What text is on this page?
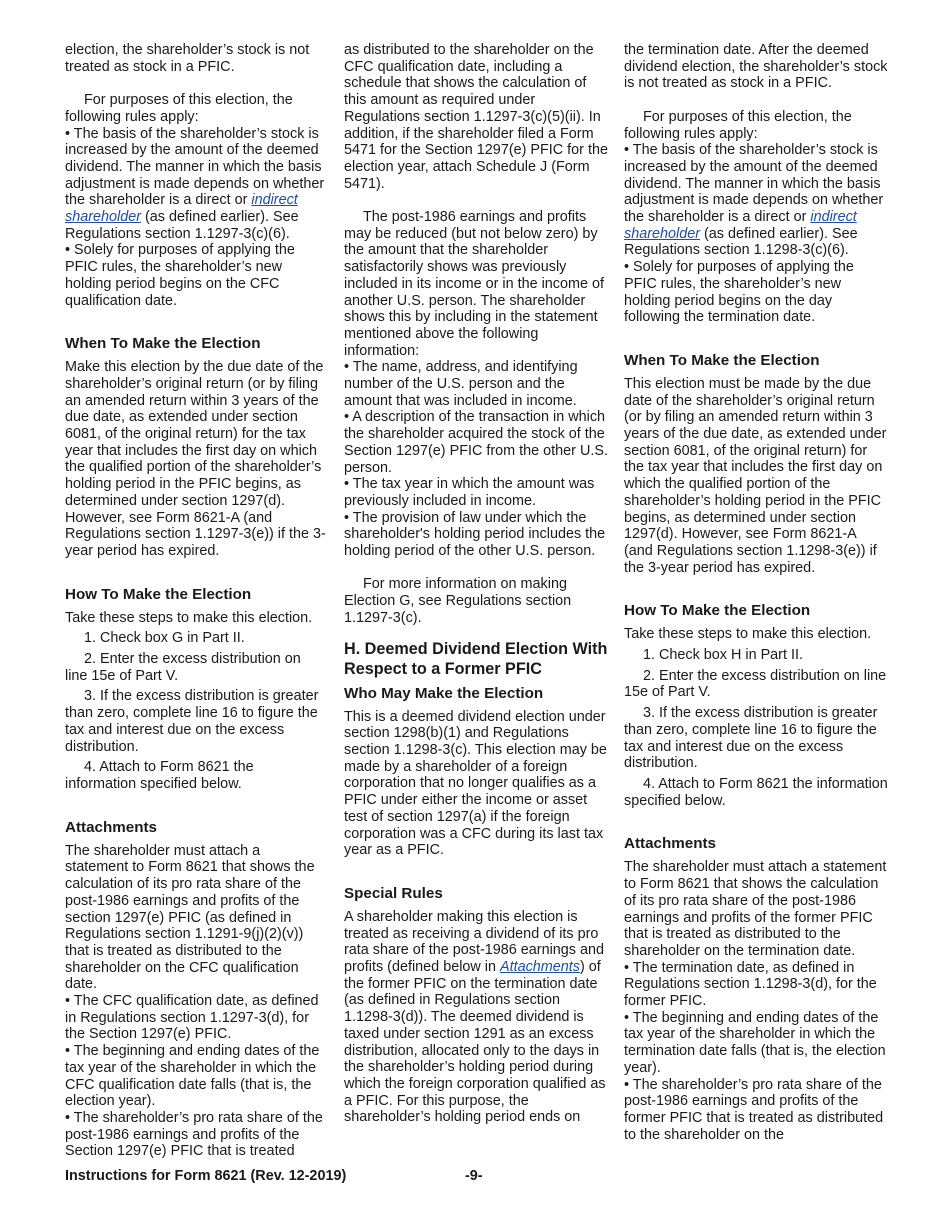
election, the shareholder’s stock is not treated as stock in a PFIC.

For purposes of this election, the following rules apply:

• The basis of the shareholder’s stock is increased by the amount of the deemed dividend. The manner in which the basis adjustment is made depends on whether the shareholder is a direct or indirect shareholder (as defined earlier). See Regulations section 1.1297-3(c)(6).

• Solely for purposes of applying the PFIC rules, the shareholder’s new holding period begins on the CFC qualification date.

When To Make the Election

Make this election by the due date of the shareholder’s original return (or by filing an amended return within 3 years of the due date, as extended under section 6081, of the original return) for the tax year that includes the first day on which the qualified portion of the shareholder’s holding period in the PFIC begins, as determined under section 1297(d). However, see Form 8621-A (and Regulations section 1.1297-3(e)) if the 3-year period has expired.

How To Make the Election

Take these steps to make this election.

1. Check box G in Part II.

2. Enter the excess distribution on line 15e of Part V.

3. If the excess distribution is greater than zero, complete line 16 to figure the tax and interest due on the excess distribution.

4. Attach to Form 8621 the information specified below.

Attachments

The shareholder must attach a statement to Form 8621 that shows the calculation of its pro rata share of the post-1986 earnings and profits of the section 1297(e) PFIC (as defined in Regulations section 1.1291-9(j)(2)(v)) that is treated as distributed to the shareholder on the CFC qualification date.

• The CFC qualification date, as defined in Regulations section 1.1297-3(d), for the Section 1297(e) PFIC.

• The beginning and ending dates of the tax year of the shareholder in which the CFC qualification date falls (that is, the election year).

• The shareholder’s pro rata share of the post-1986 earnings and profits of the Section 1297(e) PFIC that is treated

as distributed to the shareholder on the CFC qualification date, including a schedule that shows the calculation of this amount as required under Regulations section 1.1297-3(c)(5)(ii). In addition, if the shareholder filed a Form 5471 for the Section 1297(e) PFIC for the election year, attach Schedule J (Form 5471).

The post-1986 earnings and profits may be reduced (but not below zero) by the amount that the shareholder satisfactorily shows was previously included in its income or in the income of another U.S. person. The shareholder shows this by including in the statement mentioned above the following information:

• The name, address, and identifying number of the U.S. person and the amount that was included in income.

• A description of the transaction in which the shareholder acquired the stock of the Section 1297(e) PFIC from the other U.S. person.

• The tax year in which the amount was previously included in income.

• The provision of law under which the shareholder's holding period includes the holding period of the other U.S. person.

For more information on making Election G, see Regulations section 1.1297-3(c).

H. Deemed Dividend Election With Respect to a Former PFIC

Who May Make the Election

This is a deemed dividend election under section 1298(b)(1) and Regulations section 1.1298-3(c). This election may be made by a shareholder of a foreign corporation that no longer qualifies as a PFIC under either the income or asset test of section 1297(a) if the foreign corporation was a CFC during its last tax year as a PFIC.

Special Rules

A shareholder making this election is treated as receiving a dividend of its pro rata share of the post-1986 earnings and profits (defined below in Attachments) of the former PFIC on the termination date (as defined in Regulations section 1.1298-3(d)). The deemed dividend is taxed under section 1291 as an excess distribution, allocated only to the days in the shareholder’s holding period during which the foreign corporation qualified as a PFIC. For this purpose, the shareholder’s holding period ends on

the termination date. After the deemed dividend election, the shareholder’s stock is not treated as stock in a PFIC.

For purposes of this election, the following rules apply:

• The basis of the shareholder’s stock is increased by the amount of the deemed dividend. The manner in which the basis adjustment is made depends on whether the shareholder is a direct or indirect shareholder (as defined earlier). See Regulations section 1.1298-3(c)(6).

• Solely for purposes of applying the PFIC rules, the shareholder’s new holding period begins on the day following the termination date.

When To Make the Election

This election must be made by the due date of the shareholder’s original return (or by filing an amended return within 3 years of the due date, as extended under section 6081, of the original return) for the tax year that includes the first day on which the qualified portion of the shareholder’s holding period in the PFIC begins, as determined under section 1297(d). However, see Form 8621-A (and Regulations section 1.1298-3(e)) if the 3-year period has expired.

How To Make the Election

Take these steps to make this election.

1. Check box H in Part II.

2. Enter the excess distribution on line 15e of Part V.

3. If the excess distribution is greater than zero, complete line 16 to figure the tax and interest due on the excess distribution.

4. Attach to Form 8621 the information specified below.

Attachments

The shareholder must attach a statement to Form 8621 that shows the calculation of its pro rata share of the post-1986 earnings and profits of the former PFIC that is treated as distributed to the shareholder on the termination date.

• The termination date, as defined in Regulations section 1.1298-3(d), for the former PFIC.

• The beginning and ending dates of the tax year of the shareholder in which the termination date falls (that is, the election year).

• The shareholder’s pro rata share of the post-1986 earnings and profits of the former PFIC that is treated as distributed to the shareholder on the

Instructions for Form 8621 (Rev. 12-2019)	-9-
